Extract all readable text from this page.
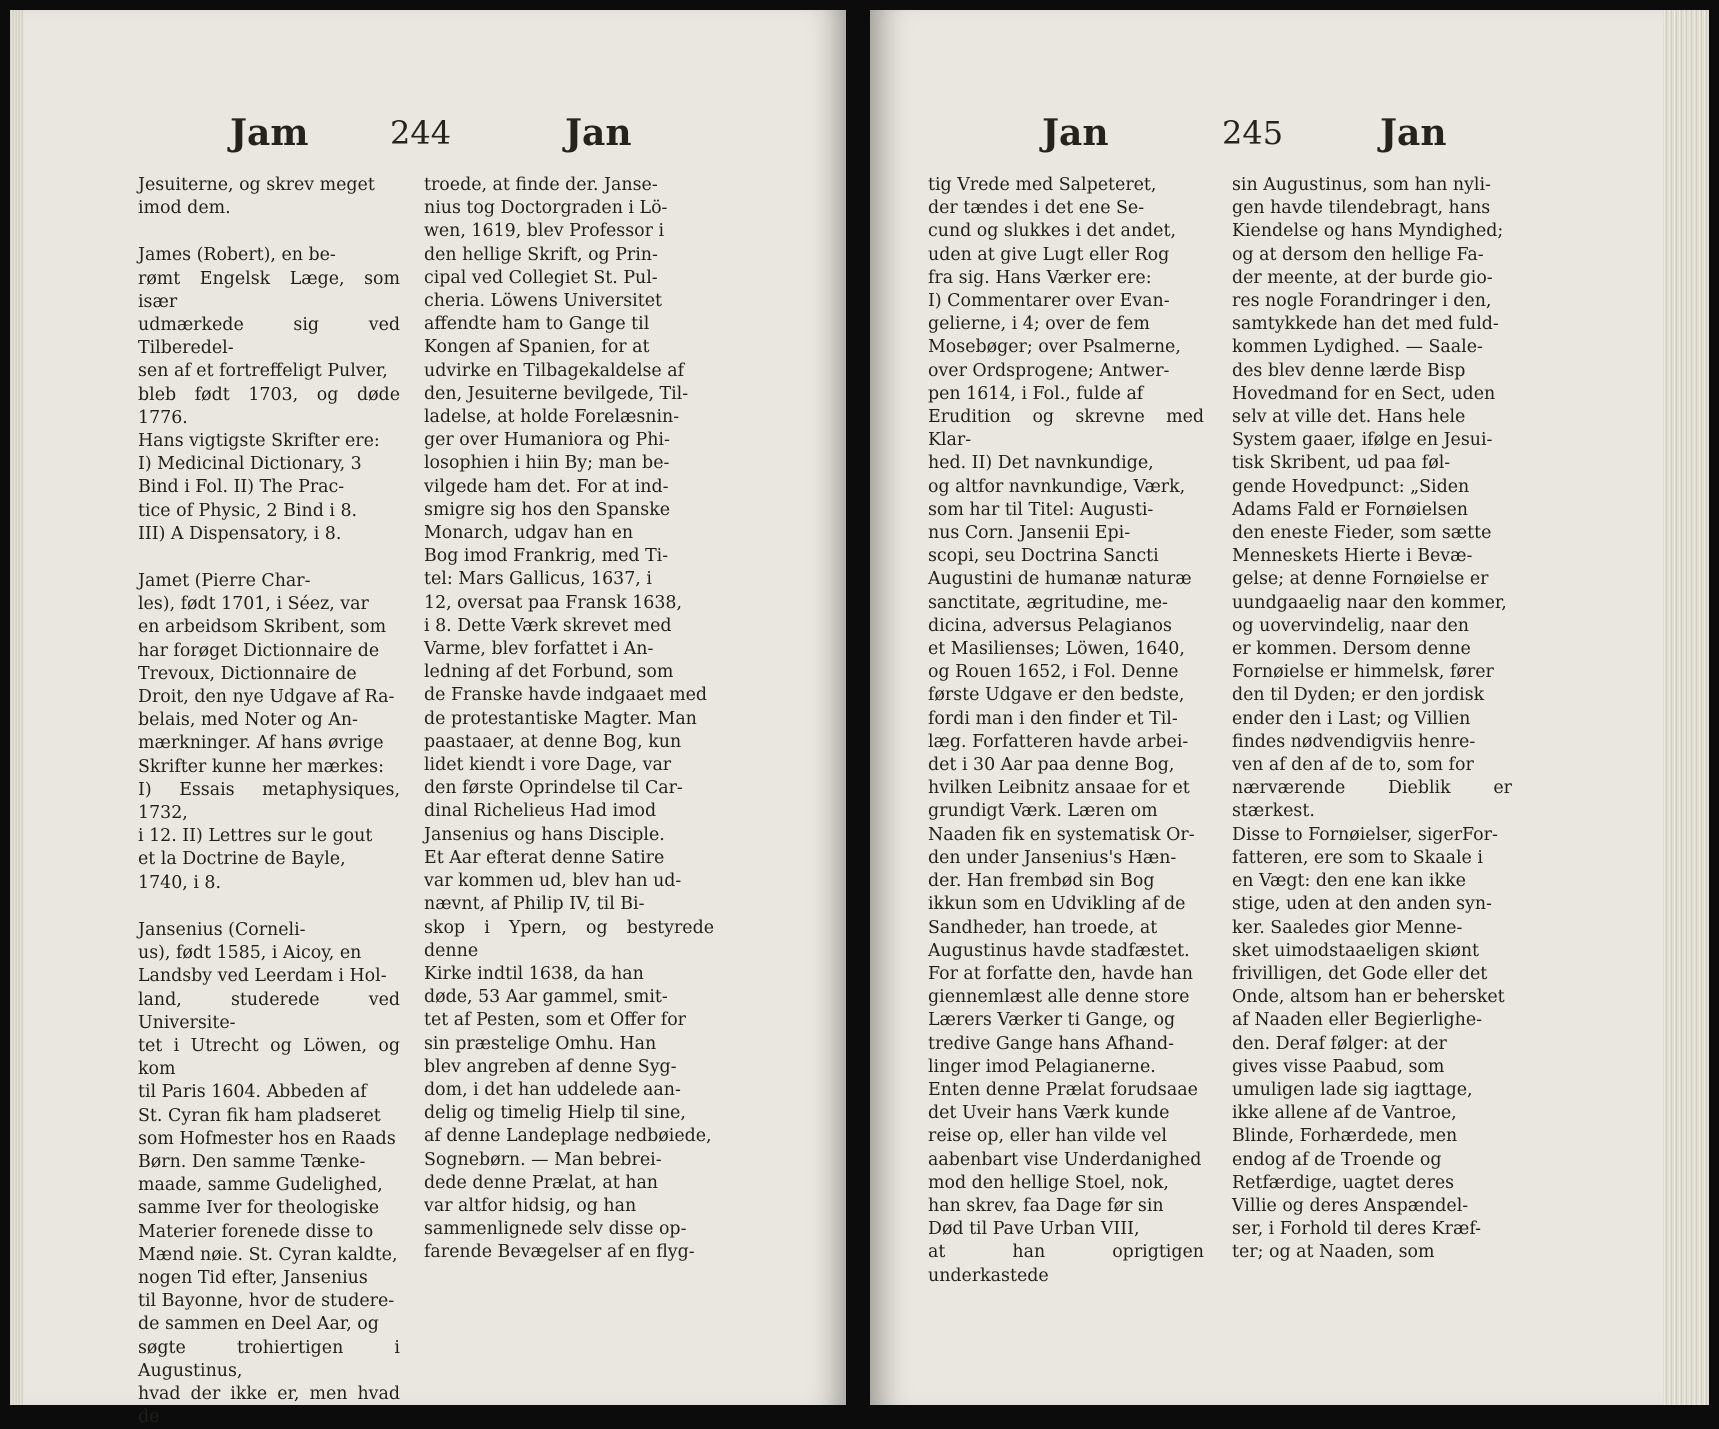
Jam	244	Jan

Jesuiterne, og skrev meget
imod dem.

James (Robert), en be-
rømt Engelsk Læge, som især
udmærkede sig ved Tilberedel-
sen af et fortreffeligt Pulver,
bleb født 1703, og døde 1776.
Hans vigtigste Skrifter ere:
I) Medicinal Dictionary, 3
Bind i Fol. II) The Prac-
tice of Physic, 2 Bind i 8.
III) A Dispensatory, i 8.

Jamet (Pierre Char-
les), født 1701, i Séez, var
en arbeidsom Skribent, som
har forøget Dictionnaire de
Trevoux, Dictionnaire de
Droit, den nye Udgave af Ra-
belais, med Noter og An-
mærkninger. Af hans øvrige
Skrifter kunne her mærkes:
I) Essais metaphysiques, 1732,
i 12. II) Lettres sur le gout
et la Doctrine de Bayle,
1740, i 8.

Jansenius (Corneli-
us), født 1585, i Aicoy, en
Landsby ved Leerdam i Hol-
land, studerede ved Universite-
tet i Utrecht og Löwen, og kom
til Paris 1604. Abbeden af
St. Cyran fik ham pladseret
som Hofmester hos en Raads
Børn. Den samme Tænke-
maade, samme Gudelighed,
samme Iver for theologiske
Materier forenede disse to
Mænd nøie. St. Cyran kaldte,
nogen Tid efter, Jansenius
til Bayonne, hvor de studere-
de sammen en Deel Aar, og
søgte trohiertigen i Augustinus,
hvad der ikke er, men hvad de

troede, at finde der. Janse-
nius tog Doctorgraden i Lö-
wen, 1619, blev Professor i
den hellige Skrift, og Prin-
cipal ved Collegiet St. Pul-
cheria. Löwens Universitet
affendte ham to Gange til
Kongen af Spanien, for at
udvirke en Tilbagekaldelse af
den, Jesuiterne bevilgede, Til-
ladelse, at holde Forelæsnin-
ger over Humaniora og Phi-
losophien i hiin By; man be-
vilgede ham det. For at ind-
smigre sig hos den Spanske
Monarch, udgav han en
Bog imod Frankrig, med Ti-
tel: Mars Gallicus, 1637, i
12, oversat paa Fransk 1638,
i 8. Dette Værk skrevet med
Varme, blev forfattet i An-
ledning af det Forbund, som
de Franske havde indgaaet med
de protestantiske Magter. Man
paastaaer, at denne Bog, kun
lidet kiendt i vore Dage, var
den første Oprindelse til Car-
dinal Richelieus Had imod
Jansenius og hans Disciple.
Et Aar efterat denne Satire
var kommen ud, blev han ud-
nævnt, af Philip IV, til Bi-
skop i Ypern, og bestyrede denne
Kirke indtil 1638, da han
døde, 53 Aar gammel, smit-
tet af Pesten, som et Offer for
sin præstelige Omhu. Han
blev angreben af denne Syg-
dom, i det han uddelede aan-
delig og timelig Hielp til sine,
af denne Landeplage nedbøiede,
Sognebørn. — Man bebrei-
dede denne Prælat, at han
var altfor hidsig, og han
sammenlignede selv disse op-
farende Bevægelser af en flyg-

Jan	245	Jan

tig Vrede med Salpeteret,
der tændes i det ene Se-
cund og slukkes i det andet,
uden at give Lugt eller Rog
fra sig. Hans Værker ere:
I) Commentarer over Evan-
gelierne, i 4; over de fem
Mosebøger; over Psalmerne,
over Ordsprogene; Antwer-
pen 1614, i Fol., fulde af
Erudition og skrevne med Klar-
hed. II) Det navnkundige,
og altfor navnkundige, Værk,
som har til Titel: Augusti-
nus Corn. Jansenii Epi-
scopi, seu Doctrina Sancti
Augustini de humanæ naturæ
sanctitate, ægritudine, me-
dicina, adversus Pelagianos
et Masilienses; Löwen, 1640,
og Rouen 1652, i Fol. Denne
første Udgave er den bedste,
fordi man i den finder et Til-
læg. Forfatteren havde arbei-
det i 30 Aar paa denne Bog,
hvilken Leibnitz ansaae for et
grundigt Værk. Læren om
Naaden fik en systematisk Or-
den under Jansenius's Hæn-
der. Han frembød sin Bog
ikkun som en Udvikling af de
Sandheder, han troede, at
Augustinus havde stadfæstet.
For at forfatte den, havde han
giennemlæst alle denne store
Lærers Værker ti Gange, og
tredive Gange hans Afhand-
linger imod Pelagianerne.
Enten denne Prælat forudsaae
det Uveir hans Værk kunde
reise op, eller han vilde vel
aabenbart vise Underdanighed
mod den hellige Stoel, nok,
han skrev, faa Dage før sin
Død til Pave Urban VIII,
at han oprigtigen underkastede

sin Augustinus, som han nyli-
gen havde tilendebragt, hans
Kiendelse og hans Myndighed;
og at dersom den hellige Fa-
der meente, at der burde gio-
res nogle Forandringer i den,
samtykkede han det med fuld-
kommen Lydighed. — Saale-
des blev denne lærde Bisp
Hovedmand for en Sect, uden
selv at ville det. Hans hele
System gaaer, ifølge en Jesui-
tisk Skribent, ud paa føl-
gende Hovedpunct: „Siden
Adams Fald er Fornøielsen
den eneste Fieder, som sætte
Menneskets Hierte i Bevæ-
gelse; at denne Fornøielse er
uundgaaelig naar den kommer,
og uovervindelig, naar den
er kommen. Dersom denne
Fornøielse er himmelsk, fører
den til Dyden; er den jordisk
ender den i Last; og Villien
findes nødvendigviis henre-
ven af den af de to, som for
nærværende Dieblik er stærkest.
Disse to Fornøielser, sigerFor-
fatteren, ere som to Skaale i
en Vægt: den ene kan ikke
stige, uden at den anden syn-
ker. Saaledes gior Menne-
sket uimodstaaeligen skiønt
frivilligen, det Gode eller det
Onde, altsom han er behersket
af Naaden eller Begierlighe-
den. Deraf følger: at der
gives visse Paabud, som
umuligen lade sig iagttage,
ikke allene af de Vantroe,
Blinde, Forhærdede, men
endog af de Troende og
Retfærdige, uagtet deres
Villie og deres Anspændel-
ser, i Forhold til deres Kræf-
ter; og at Naaden, som
